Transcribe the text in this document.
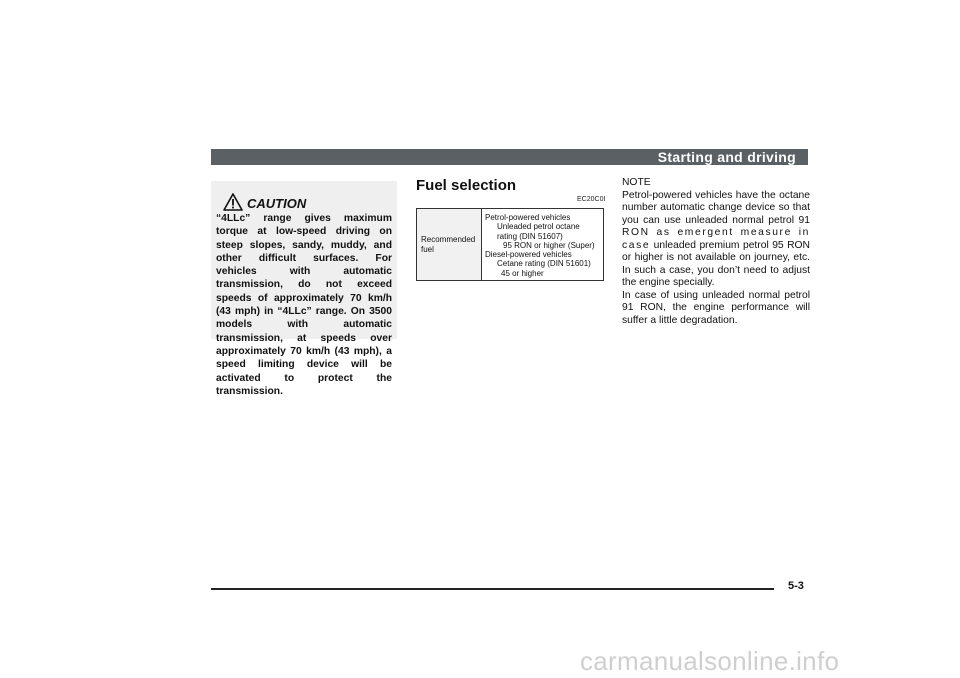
Starting and driving
CAUTION
“4LLc” range gives maximum torque at low-speed driving on steep slopes, sandy, muddy, and other difficult surfaces. For vehicles with automatic transmission, do not exceed speeds of approximately 70 km/h (43 mph) in “4LLc” range. On 3500 models with automatic transmission, at speeds over approximately 70 km/h (43 mph), a speed limiting device will be activated to protect the transmission.
Fuel selection
EC20C0I
Recommended fuel
Petrol-powered vehicles
Unleaded petrol octane
rating (DIN 51607)
95 RON or higher (Super)
Diesel-powered vehicles
Cetane rating (DIN 51601)
45 or higher

NOTE

Petrol-powered vehicles have the octane number automatic change device so that you can use unleaded normal petrol 91 RON as emergent measure in case unleaded premium petrol 95 RON or higher is not available on journey, etc. In such a case, you don’t need to adjust the engine specially.

In case of using unleaded normal petrol 91 RON, the engine performance will suffer a little degradation.

5-3
carmanualsonline.info
